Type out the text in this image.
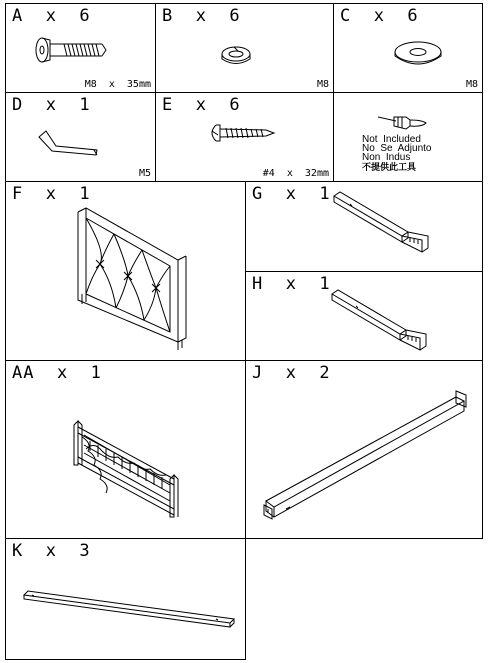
A  x  6
M8  x  35mm
B  x  6
M8
C  x  6
M8
D  x  1
M5
E  x  6
#4  x  32mm
Not  Included
No  Se  Adjunto
Non  Indus
不提供此工具
F  x  1	G  x  1
H  x  1
AA  x  1	J  x  2
K  x  3
